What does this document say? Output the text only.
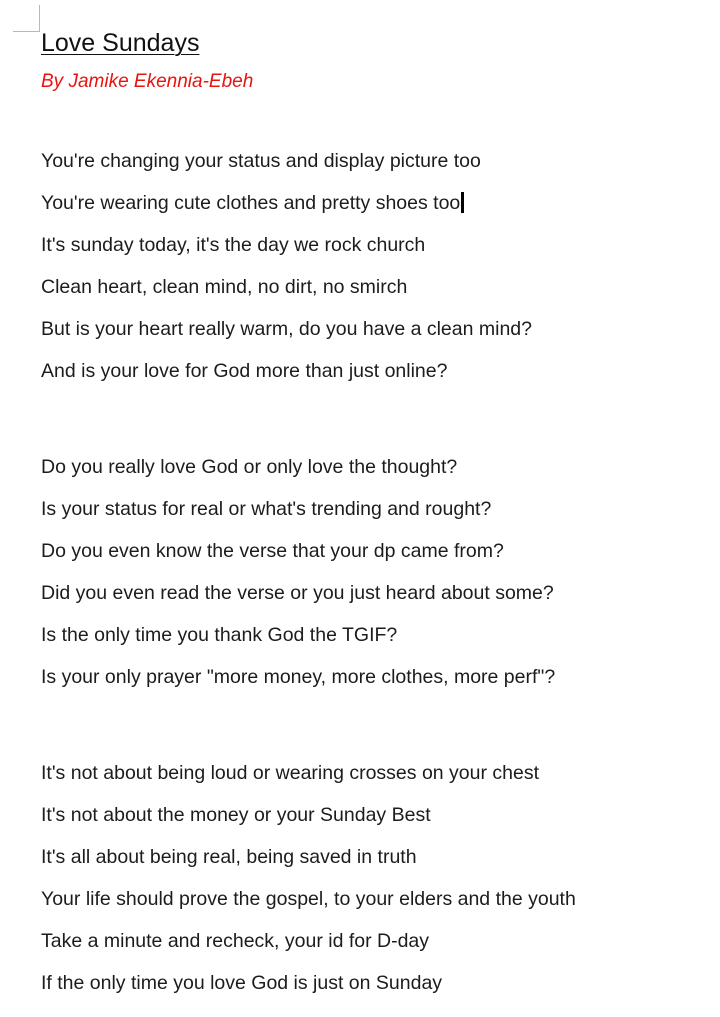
Love Sundays
By Jamike Ekennia-Ebeh
You're changing your status and display picture too
You're wearing cute clothes and pretty shoes too
It's sunday today, it's the day we rock church
Clean heart, clean mind, no dirt, no smirch
But is your heart really warm, do you have a clean mind?
And is your love for God more than just online?
Do you really love God or only love the thought?
Is your status for real or what's trending and rought?
Do you even know the verse that your dp came from?
Did you even read the verse or you just heard about some?
Is the only time you thank God the TGIF?
Is your only prayer "more money, more clothes, more perf"?
It's not about being loud or wearing crosses on your chest
It's not about the money or your Sunday Best
It's all about being real, being saved in truth
Your life should prove the gospel, to your elders and the youth
Take a minute and recheck, your id for D-day
If the only time you love God is just on Sunday
